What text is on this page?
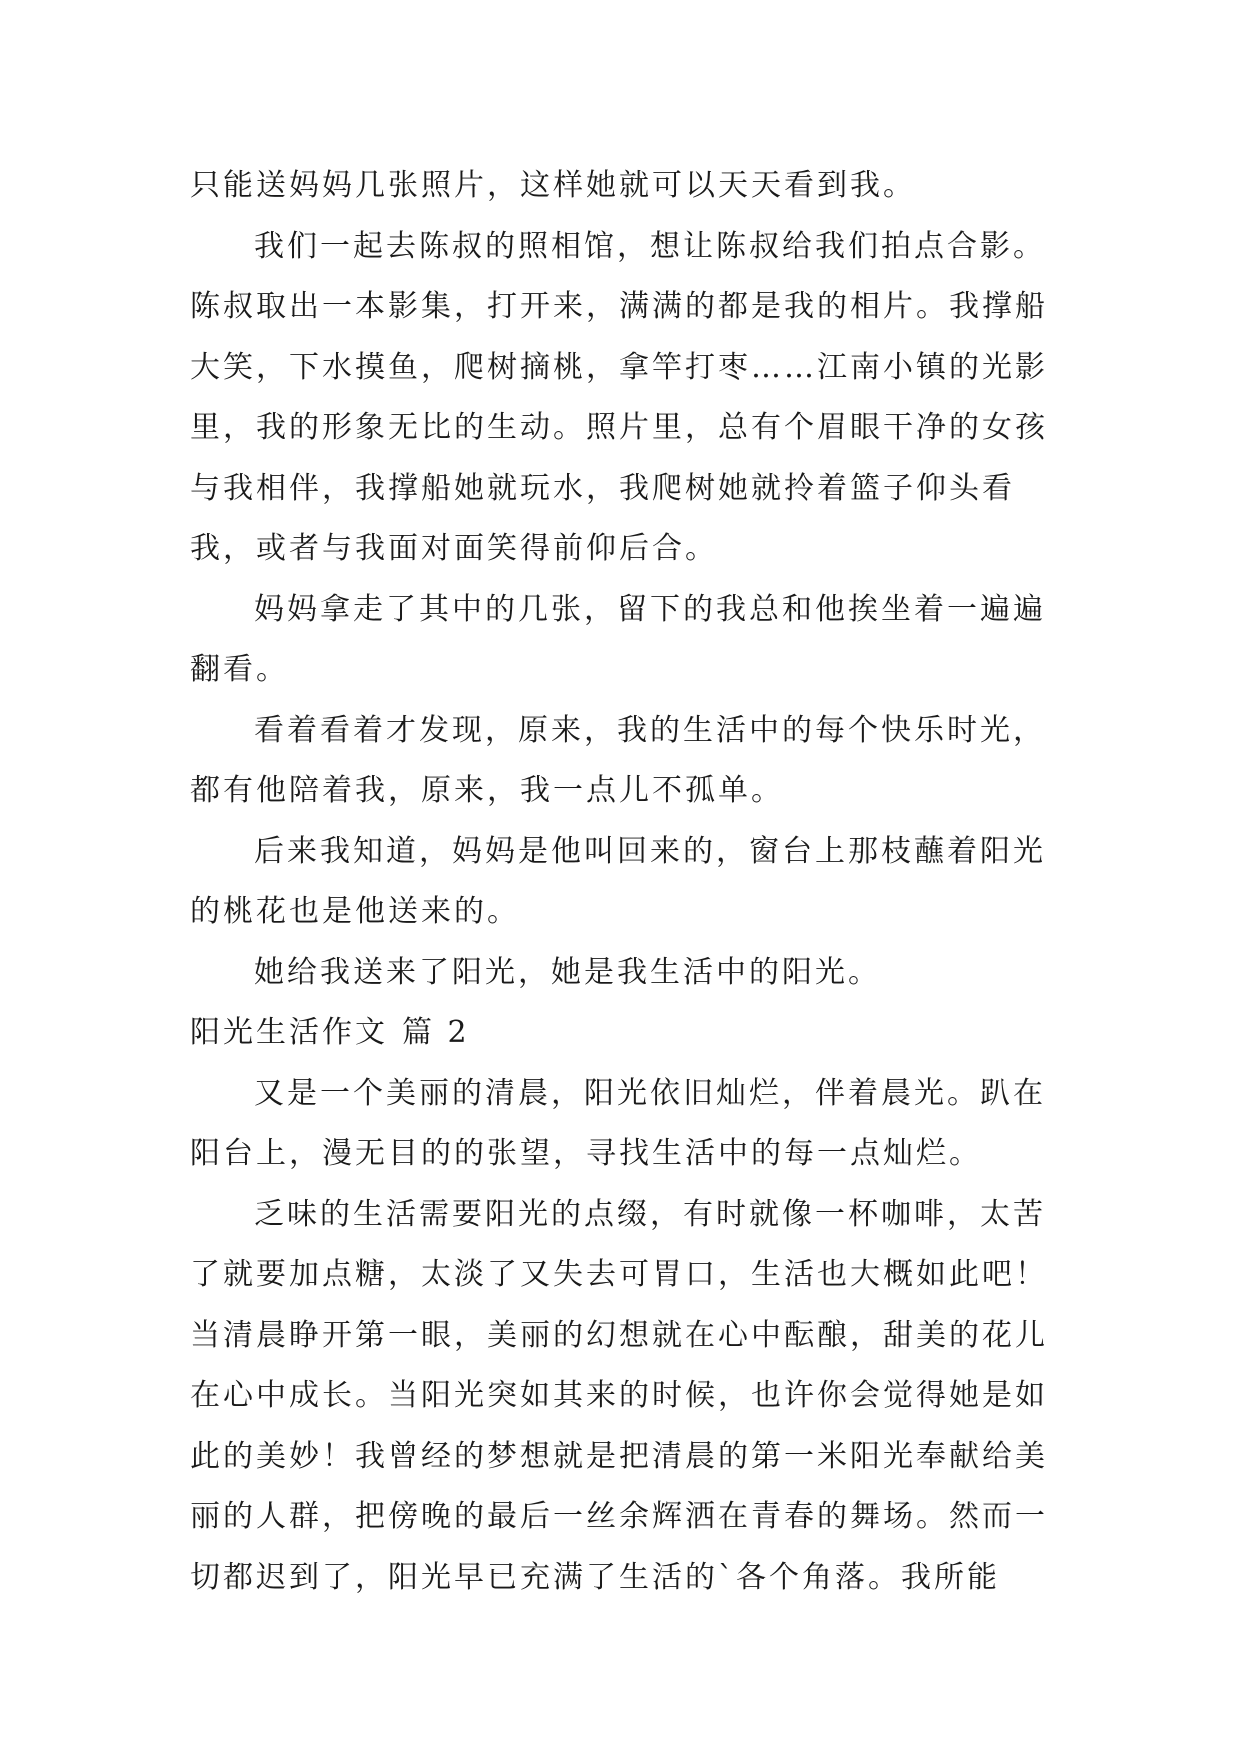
只能送妈妈几张照片，这样她就可以天天看到我。

我们一起去陈叔的照相馆，想让陈叔给我们拍点合影。陈叔取出一本影集，打开来，满满的都是我的相片。我撑船大笑，下水摸鱼，爬树摘桃，拿竿打枣……江南小镇的光影里，我的形象无比的生动。照片里，总有个眉眼干净的女孩与我相伴，我撑船她就玩水，我爬树她就拎着篮子仰头看我，或者与我面对面笑得前仰后合。

妈妈拿走了其中的几张，留下的我总和他挨坐着一遍遍翻看。

看着看着才发现，原来，我的生活中的每个快乐时光，都有他陪着我，原来，我一点儿不孤单。

后来我知道，妈妈是他叫回来的，窗台上那枝蘸着阳光的桃花也是他送来的。

她给我送来了阳光，她是我生活中的阳光。

阳光生活作文 篇 2

又是一个美丽的清晨，阳光依旧灿烂，伴着晨光。趴在阳台上，漫无目的的张望，寻找生活中的每一点灿烂。

乏味的生活需要阳光的点缀，有时就像一杯咖啡，太苦了就要加点糖，太淡了又失去可胃口，生活也大概如此吧！当清晨睁开第一眼，美丽的幻想就在心中酝酿，甜美的花儿在心中成长。当阳光突如其来的时候，也许你会觉得她是如此的美妙！我曾经的梦想就是把清晨的第一米阳光奉献给美丽的人群，把傍晚的最后一丝余辉洒在青春的舞场。然而一切都迟到了，阳光早已充满了生活的`各个角落。我所能
